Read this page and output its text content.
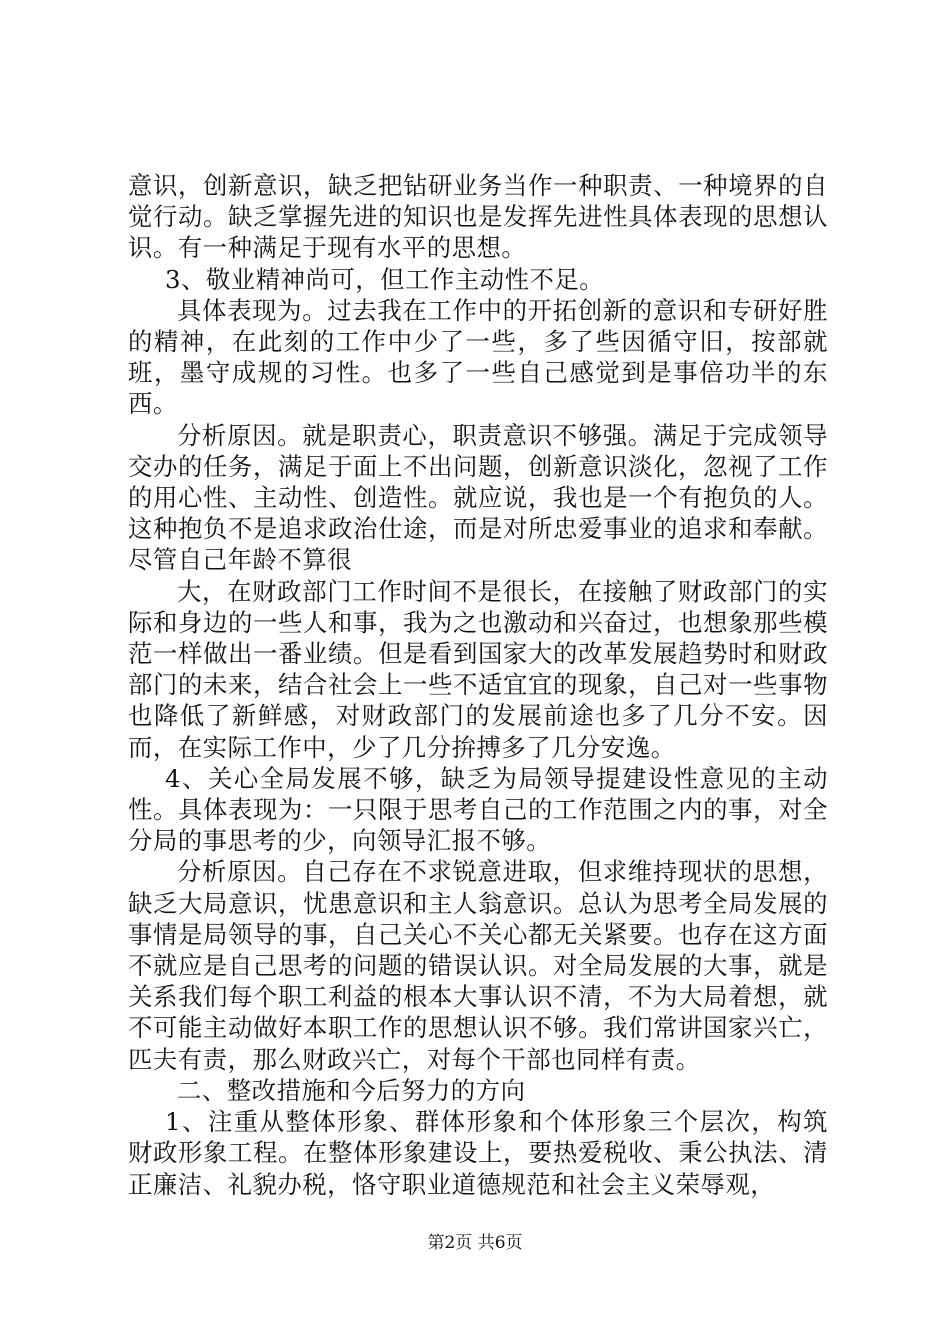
意识，创新意识，缺乏把钻研业务当作一种职责、一种境界的自觉行动。缺乏掌握先进的知识也是发挥先进性具体表现的思想认识。有一种满足于现有水平的思想。

3、敬业精神尚可，但工作主动性不足。

具体表现为。过去我在工作中的开拓创新的意识和专研好胜的精神，在此刻的工作中少了一些，多了些因循守旧，按部就班，墨守成规的习性。也多了一些自己感觉到是事倍功半的东西。

分析原因。就是职责心，职责意识不够强。满足于完成领导交办的任务，满足于面上不出问题，创新意识淡化，忽视了工作的用心性、主动性、创造性。就应说，我也是一个有抱负的人。这种抱负不是追求政治仕途，而是对所忠爱事业的追求和奉献。尽管自己年龄不算很

大，在财政部门工作时间不是很长，在接触了财政部门的实际和身边的一些人和事，我为之也激动和兴奋过，也想象那些模范一样做出一番业绩。但是看到国家大的改革发展趋势时和财政部门的未来，结合社会上一些不适宜宜的现象，自己对一些事物也降低了新鲜感，对财政部门的发展前途也多了几分不安。因而，在实际工作中，少了几分拚搏多了几分安逸。

4、关心全局发展不够，缺乏为局领导提建设性意见的主动性。具体表现为：一只限于思考自己的工作范围之内的事，对全分局的事思考的少，向领导汇报不够。

分析原因。自己存在不求锐意进取，但求维持现状的思想，缺乏大局意识，忧患意识和主人翁意识。总认为思考全局发展的事情是局领导的事，自己关心不关心都无关紧要。也存在这方面不就应是自己思考的问题的错误认识。对全局发展的大事，就是关系我们每个职工利益的根本大事认识不清，不为大局着想，就不可能主动做好本职工作的思想认识不够。我们常讲国家兴亡，匹夫有责，那么财政兴亡，对每个干部也同样有责。

二、整改措施和今后努力的方向

1、注重从整体形象、群体形象和个体形象三个层次，构筑财政形象工程。在整体形象建设上，要热爱税收、秉公执法、清正廉洁、礼貌办税，恪守职业道德规范和社会主义荣辱观，

第2页 共6页
